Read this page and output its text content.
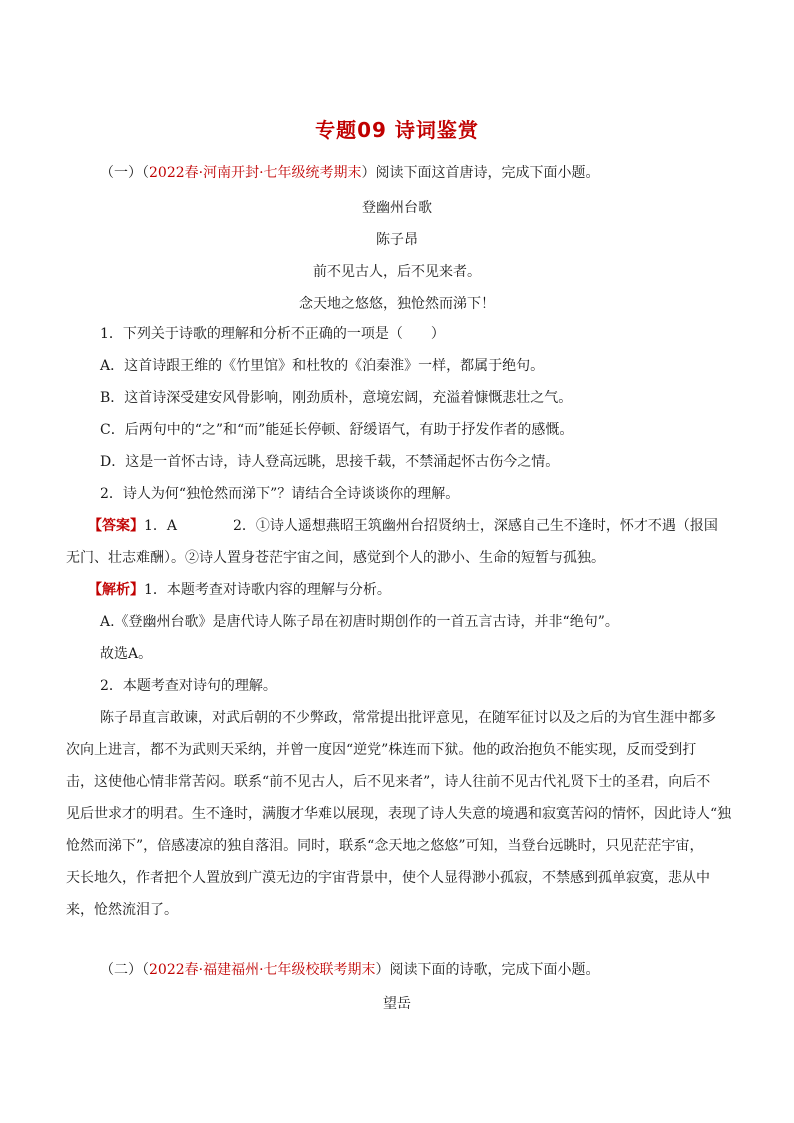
专题09 诗词鉴赏
（一）（2022春·河南开封·七年级统考期末）阅读下面这首唐诗，完成下面小题。
登幽州台歌
陈子昂
前不见古人，后不见来者。
念天地之悠悠，独怆然而涕下！
1．下列关于诗歌的理解和分析不正确的一项是（　　）
A．这首诗跟王维的《竹里馆》和杜牧的《泊秦淮》一样，都属于绝句。
B．这首诗深受建安风骨影响，刚劲质朴，意境宏阔，充溢着慷慨悲壮之气。
C．后两句中的“之”和“而”能延长停顿、舒缓语气，有助于抒发作者的感慨。
D．这是一首怀古诗，诗人登高远眺，思接千载，不禁涌起怀古伤今之情。
2．诗人为何“独怆然而涕下”？请结合全诗谈谈你的理解。
【答案】1．A　　　　2．①诗人遥想燕昭王筑幽州台招贤纳士，深感自己生不逢时，怀才不遇（报国
无门、壮志难酬）。②诗人置身苍茫宇宙之间，感觉到个人的渺小、生命的短暂与孤独。
【解析】1．本题考查对诗歌内容的理解与分析。
A.《登幽州台歌》是唐代诗人陈子昂在初唐时期创作的一首五言古诗，并非“绝句”。
故选A。
2．本题考查对诗句的理解。
陈子昂直言敢谏，对武后朝的不少弊政，常常提出批评意见，在随军征讨以及之后的为官生涯中都多
次向上进言，都不为武则天采纳，并曾一度因“逆党”株连而下狱。他的政治抱负不能实现，反而受到打
击，这使他心情非常苦闷。联系“前不见古人，后不见来者”，诗人往前不见古代礼贤下士的圣君，向后不
见后世求才的明君。生不逢时，满腹才华难以展现，表现了诗人失意的境遇和寂寞苦闷的情怀，因此诗人“独
怆然而涕下”，倍感凄凉的独自落泪。同时，联系“念天地之悠悠”可知，当登台远眺时，只见茫茫宇宙，
天长地久，作者把个人置放到广漠无边的宇宙背景中，使个人显得渺小孤寂，不禁感到孤单寂寞，悲从中
来，怆然流泪了。
（二）（2022春·福建福州·七年级校联考期末）阅读下面的诗歌，完成下面小题。
望岳
